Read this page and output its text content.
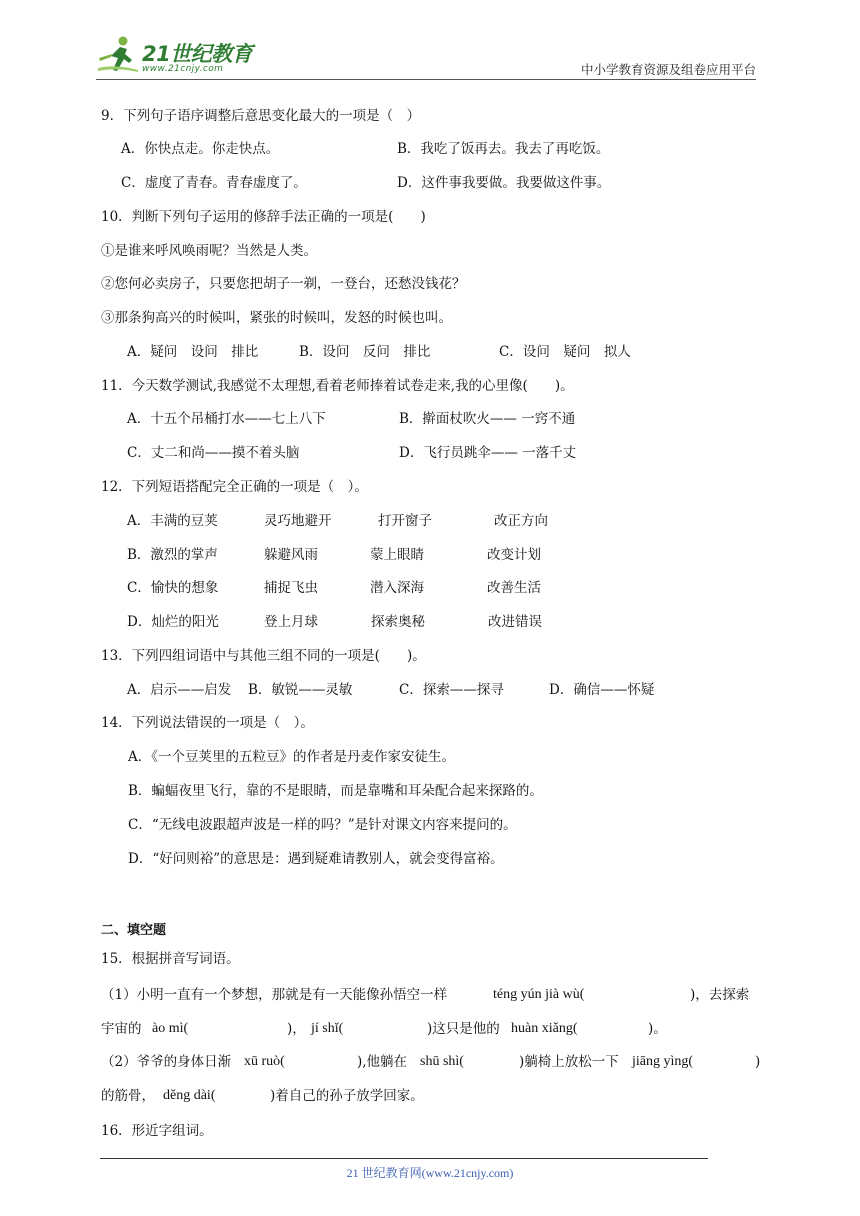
21世纪教育
www.21cnjy.com	中小学教育资源及组卷应用平台
9．下列句子语序调整后意思变化最大的一项是（　）
A．你快点走。你走快点。	B．我吃了饭再去。我去了再吃饭。
C．虚度了青春。青春虚度了。	D．这件事我要做。我要做这件事。
10．判断下列句子运用的修辞手法正确的一项是(　　)
①是谁来呼风唤雨呢？当然是人类。
②您何必卖房子，只要您把胡子一剃，一登台，还愁没钱花？
③那条狗高兴的时候叫，紧张的时候叫，发怒的时候也叫。
A．疑问　设问　排比	B．设问　反问　排比	C．设问　疑问　拟人
11．今天数学测试,我感觉不太理想,看着老师捧着试卷走来,我的心里像(　　)。
A．十五个吊桶打水——七上八下	B．擀面杖吹火—— 一窍不通
C．丈二和尚——摸不着头脑	D．飞行员跳伞—— 一落千丈
12．下列短语搭配完全正确的一项是（　）。
A．丰满的豆荚	灵巧地避开	打开窗子	改正方向
B．激烈的掌声	躲避风雨	蒙上眼睛	改变计划
C．愉快的想象	捕捉飞虫	潜入深海	改善生活
D．灿烂的阳光	登上月球	探索奥秘	改进错误
13．下列四组词语中与其他三组不同的一项是(　　)。
A．启示——启发 B．敏锐——灵敏	C．探索——探寻	D．确信——怀疑
14．下列说法错误的一项是（　）。
A．《一个豆荚里的五粒豆》的作者是丹麦作家安徒生。
B．蝙蝠夜里飞行，靠的不是眼睛，而是靠嘴和耳朵配合起来探路的。
C．“无线电波跟超声波是一样的吗？”是针对课文内容来提问的。
D．“好问则裕”的意思是：遇到疑难请教别人，就会变得富裕。
二、填空题
15．根据拼音写词语。
（1）小明一直有一个梦想，那就是有一天能像孙悟空一样	téng yún jià wù(	)，去探索
宇宙的 ào mì(	)， jí shǐ(	)这只是他的 huàn xiǎng(	)。
（2）爷爷的身体日渐 xū ruò(	),他躺在 shū shì(	)躺椅上放松一下 jiāng yìng(	)
的筋骨， děng dài(	)着自己的孙子放学回家。
16．形近字组词。
21 世纪教育网(www.21cnjy.com)
